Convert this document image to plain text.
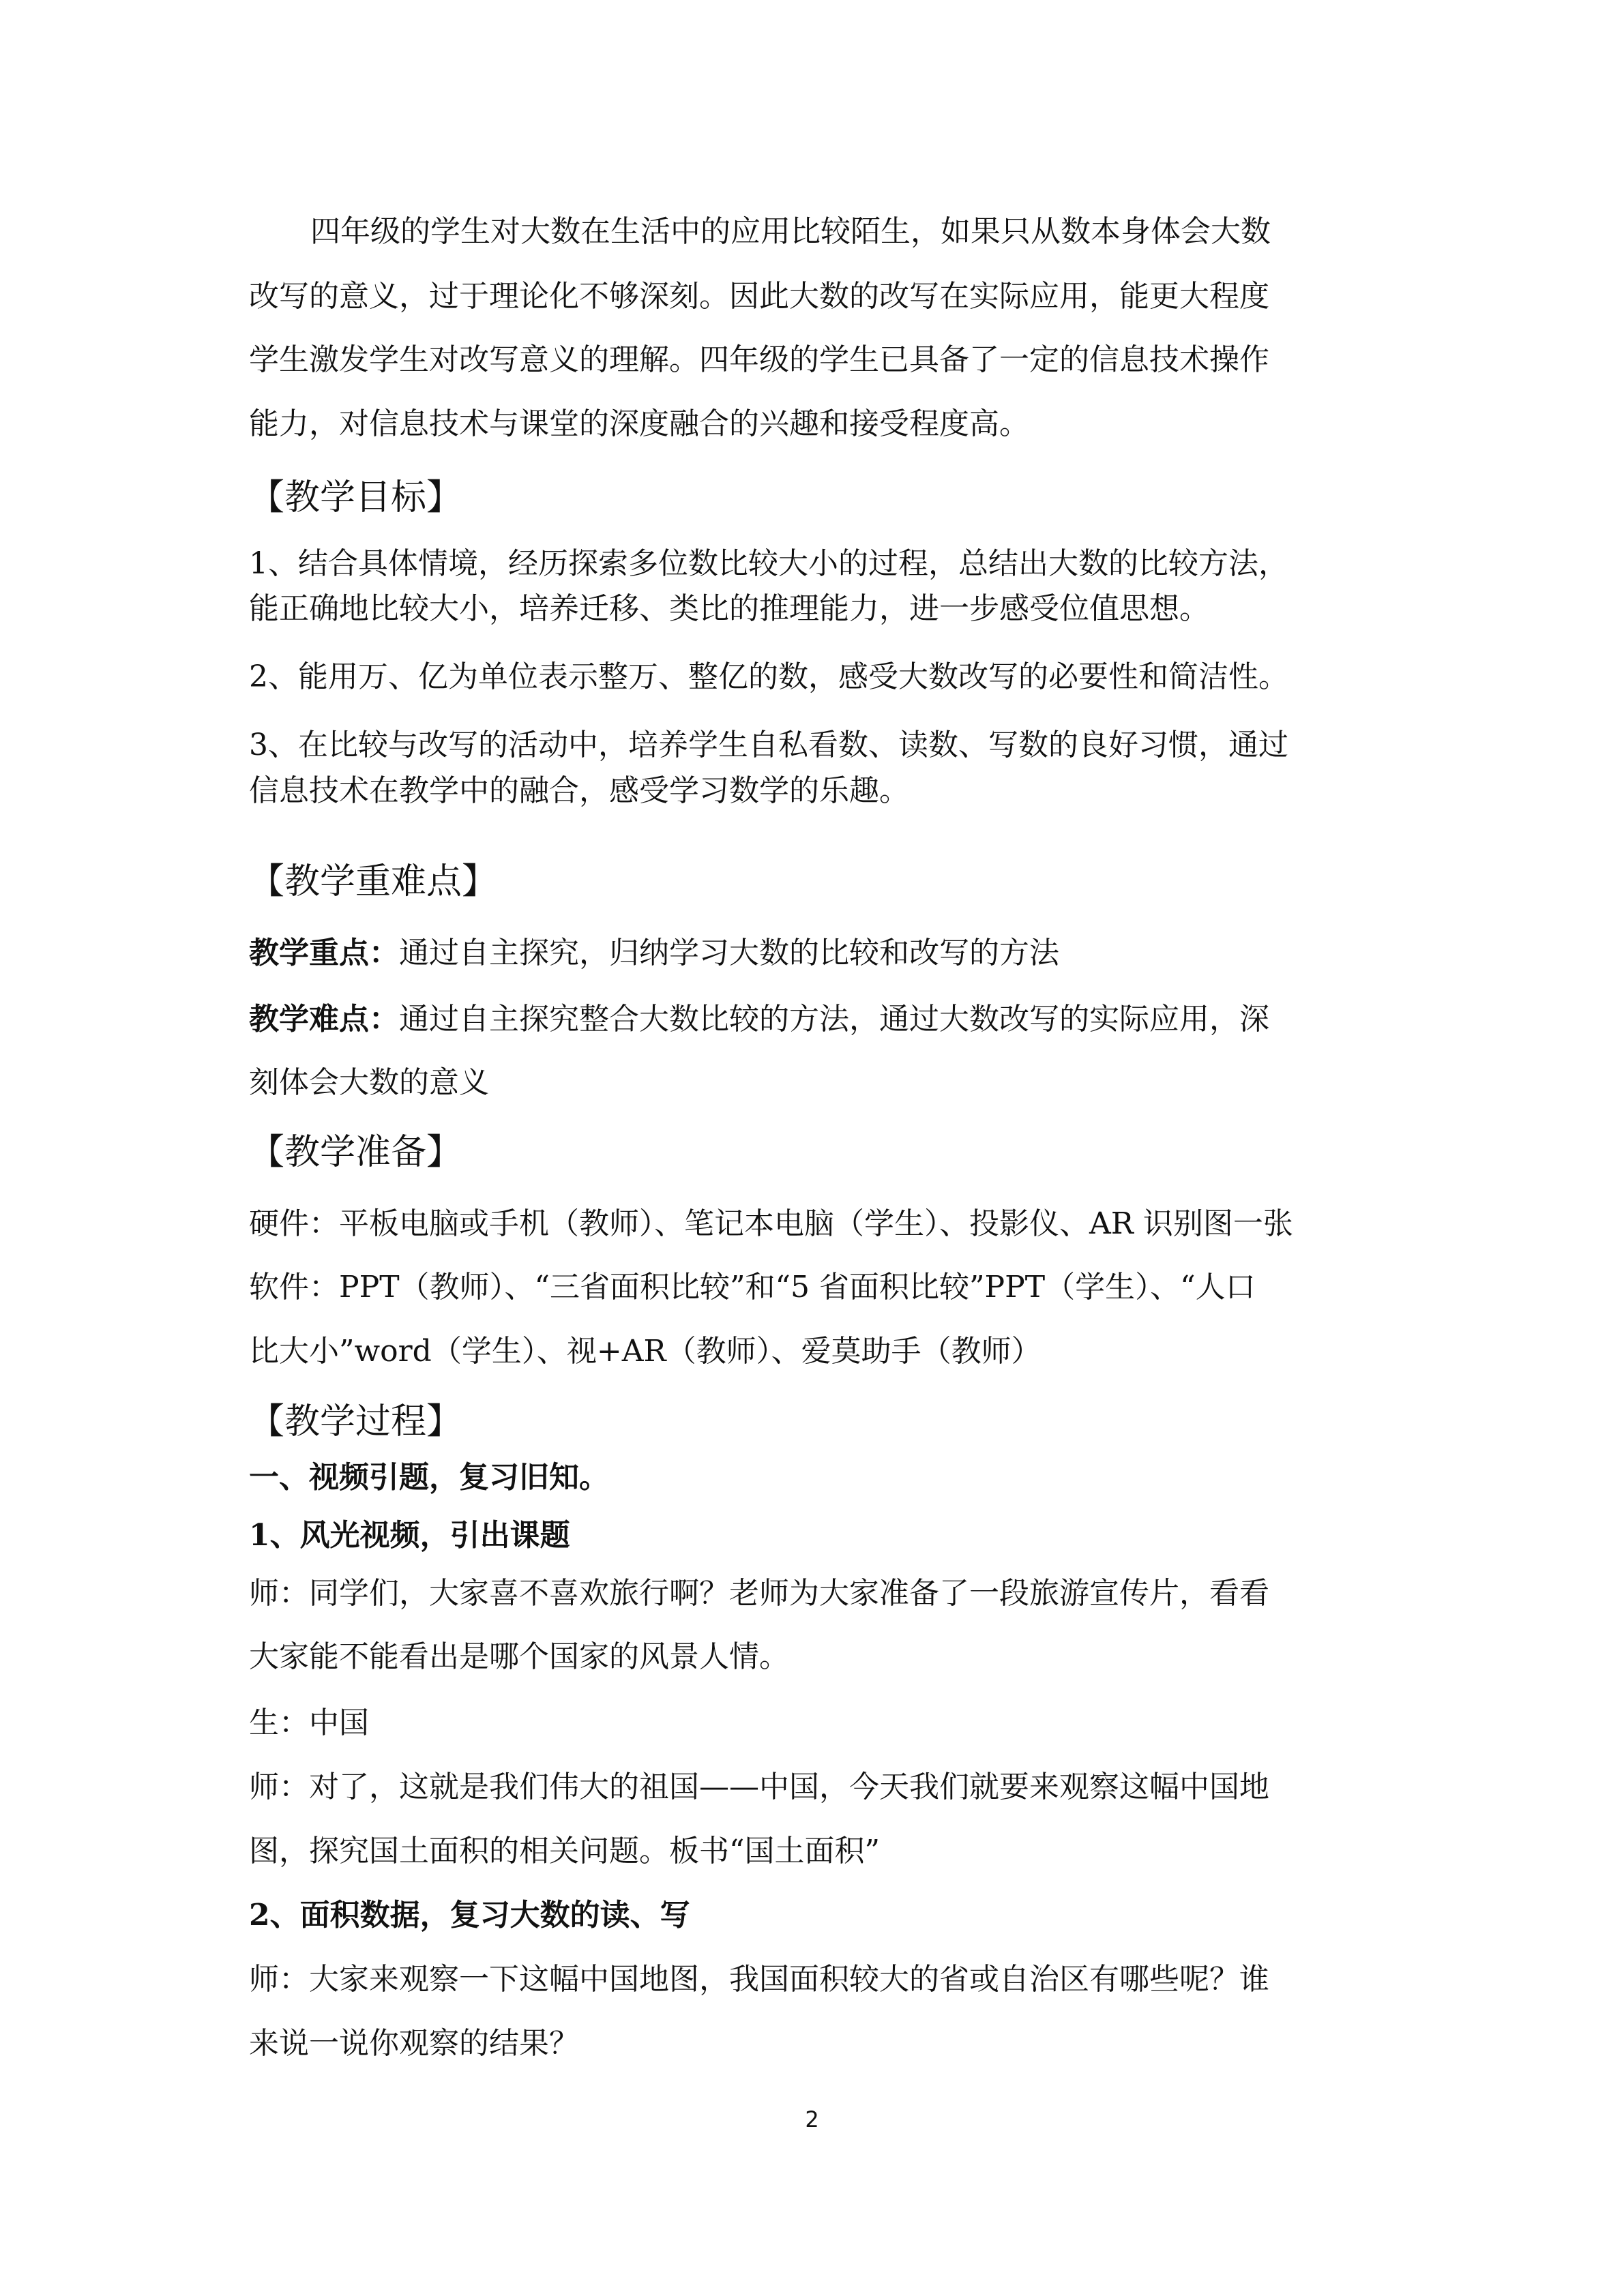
四年级的学生对大数在生活中的应用比较陌生，如果只从数本身体会大数

改写的意义，过于理论化不够深刻。因此大数的改写在实际应用，能更大程度

学生激发学生对改写意义的理解。四年级的学生已具备了一定的信息技术操作

能力，对信息技术与课堂的深度融合的兴趣和接受程度高。

【教学目标】

1、结合具体情境，经历探索多位数比较大小的过程，总结出大数的比较方法，

能正确地比较大小，培养迁移、类比的推理能力，进一步感受位值思想。

2、能用万、亿为单位表示整万、整亿的数，感受大数改写的必要性和简洁性。

3、在比较与改写的活动中，培养学生自私看数、读数、写数的良好习惯，通过

信息技术在教学中的融合，感受学习数学的乐趣。

【教学重难点】

教学重点：通过自主探究，归纳学习大数的比较和改写的方法

教学难点：通过自主探究整合大数比较的方法，通过大数改写的实际应用，深

刻体会大数的意义

【教学准备】

硬件：平板电脑或手机（教师）、笔记本电脑（学生）、投影仪、AR 识别图一张

软件：PPT（教师）、“三省面积比较”和“5 省面积比较”PPT（学生）、“人口

比大小”word（学生）、视+AR（教师）、爱莫助手（教师）

【教学过程】

一、视频引题，复习旧知。

1、风光视频，引出课题

师：同学们，大家喜不喜欢旅行啊？老师为大家准备了一段旅游宣传片，看看

大家能不能看出是哪个国家的风景人情。

生：中国

师：对了，这就是我们伟大的祖国——中国，今天我们就要来观察这幅中国地

图，探究国土面积的相关问题。板书“国土面积”

2、面积数据，复习大数的读、写

师：大家来观察一下这幅中国地图，我国面积较大的省或自治区有哪些呢？谁

来说一说你观察的结果？

2
